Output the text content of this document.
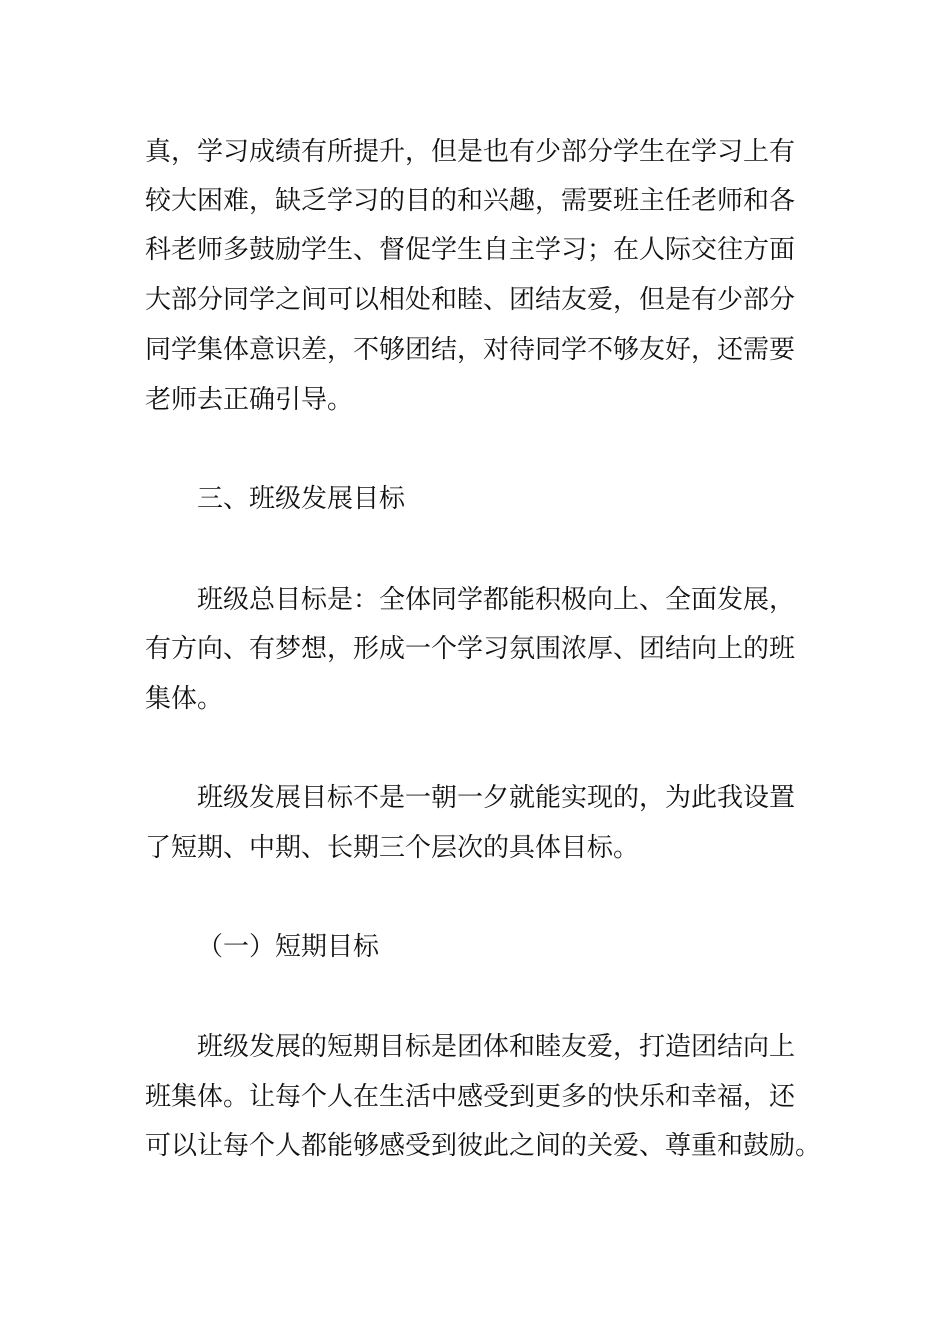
真，学习成绩有所提升，但是也有少部分学生在学习上有
较大困难，缺乏学习的目的和兴趣，需要班主任老师和各
科老师多鼓励学生、督促学生自主学习；在人际交往方面
大部分同学之间可以相处和睦、团结友爱，但是有少部分
同学集体意识差，不够团结，对待同学不够友好，还需要
老师去正确引导。
三、班级发展目标
班级总目标是：全体同学都能积极向上、全面发展，
有方向、有梦想，形成一个学习氛围浓厚、团结向上的班
集体。
班级发展目标不是一朝一夕就能实现的，为此我设置
了短期、中期、长期三个层次的具体目标。
（一）短期目标
班级发展的短期目标是团体和睦友爱，打造团结向上
班集体。让每个人在生活中感受到更多的快乐和幸福，还
可以让每个人都能够感受到彼此之间的关爱、尊重和鼓励。
